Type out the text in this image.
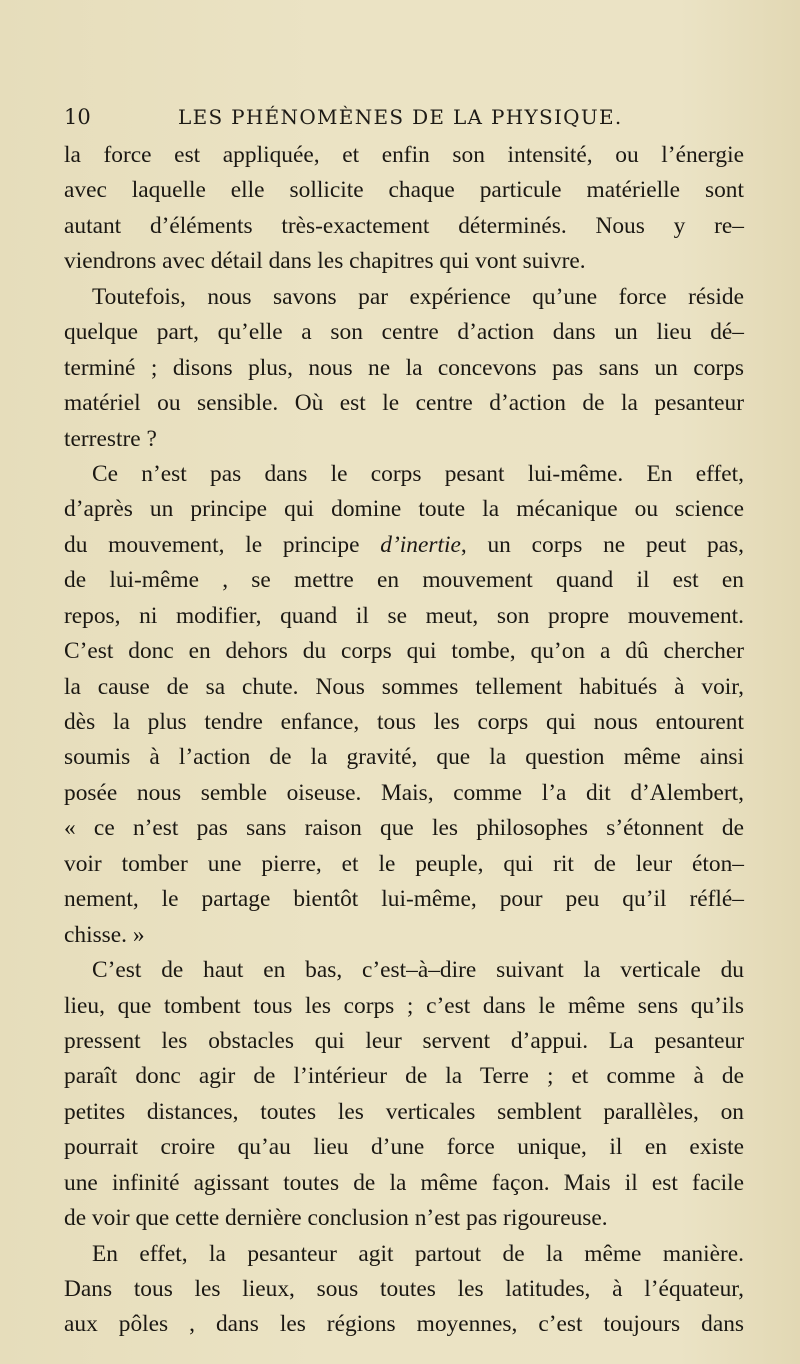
10	LES PHÉNOMÈNES DE LA PHYSIQUE.
la force est appliquée, et enfin son intensité, ou l’énergie
avec laquelle elle sollicite chaque particule matérielle sont
autant d’éléments très-exactement déterminés. Nous y re–
viendrons avec détail dans les chapitres qui vont suivre.
Toutefois, nous savons par expérience qu’une force réside
quelque part, qu’elle a son centre d’action dans un lieu dé–
terminé ; disons plus, nous ne la concevons pas sans un corps
matériel ou sensible. Où est le centre d’action de la pesanteur
terrestre ?
Ce n’est pas dans le corps pesant lui-même. En effet,
d’après un principe qui domine toute la mécanique ou science
du mouvement, le principe d’inertie, un corps ne peut pas,
de lui-même , se mettre en mouvement quand il est en
repos, ni modifier, quand il se meut, son propre mouvement.
C’est donc en dehors du corps qui tombe, qu’on a dû chercher
la cause de sa chute. Nous sommes tellement habitués à voir,
dès la plus tendre enfance, tous les corps qui nous entourent
soumis à l’action de la gravité, que la question même ainsi
posée nous semble oiseuse. Mais, comme l’a dit d’Alembert,
« ce n’est pas sans raison que les philosophes s’étonnent de
voir tomber une pierre, et le peuple, qui rit de leur éton–
nement, le partage bientôt lui-même, pour peu qu’il réflé–
chisse. »
C’est de haut en bas, c’est–à–dire suivant la verticale du
lieu, que tombent tous les corps ; c’est dans le même sens qu’ils
pressent les obstacles qui leur servent d’appui. La pesanteur
paraît donc agir de l’intérieur de la Terre ; et comme à de
petites distances, toutes les verticales semblent parallèles, on
pourrait croire qu’au lieu d’une force unique, il en existe
une infinité agissant toutes de la même façon. Mais il est facile
de voir que cette dernière conclusion n’est pas rigoureuse.
En effet, la pesanteur agit partout de la même manière.
Dans tous les lieux, sous toutes les latitudes, à l’équateur,
aux pôles , dans les régions moyennes, c’est toujours dans
